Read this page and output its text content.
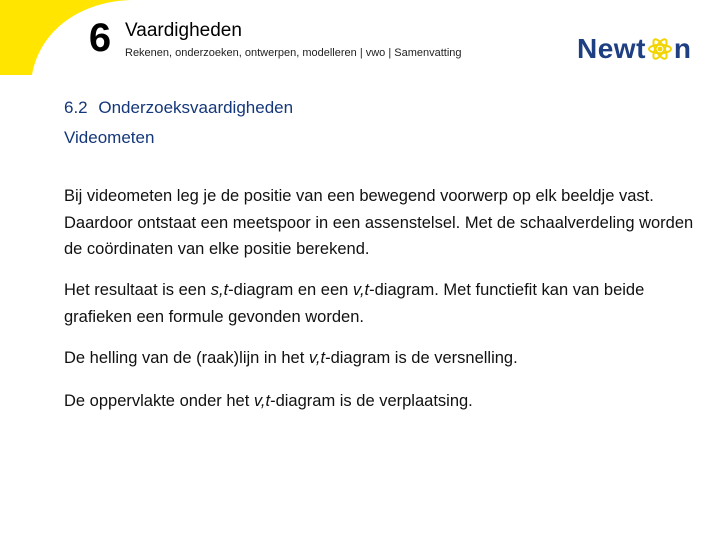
6 Vaardigheden
Rekenen, onderzoeken, ontwerpen, modelleren | vwo | Samenvatting	Newt n
6.2 Onderzoeksvaardigheden
Videometen
Bij videometen leg je de positie van een bewegend voorwerp op elk beeldje vast. Daardoor ontstaat een meetspoor in een assenstelsel. Met de schaalverdeling worden de coördinaten van elke positie berekend.
Het resultaat is een s,t-diagram en een v,t-diagram. Met functiefit kan van beide grafieken een formule gevonden worden.
De helling van de (raak)lijn in het v,t-diagram is de versnelling.
De oppervlakte onder het v,t-diagram is de verplaatsing.
